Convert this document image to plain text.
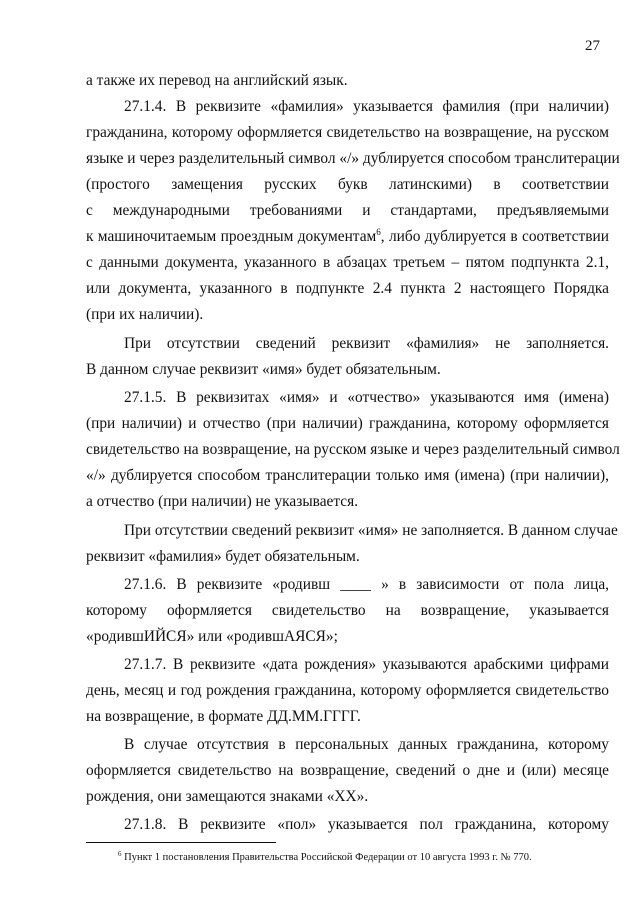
27
а также их перевод на английский язык.
27.1.4. В реквизите «фамилия» указывается фамилия (при наличии)
гражданина, которому оформляется свидетельство на возвращение, на русском
языке и через разделительный символ «/» дублируется способом транслитерации
(простого замещения русских букв латинскими) в соответствии
с международными требованиями и стандартами, предъявляемыми
к машиночитаемым проездным документам$^6$, либо дублируется в соответствии
с данными документа, указанного в абзацах третьем – пятом подпункта 2.1,
или документа, указанного в подпункте 2.4 пункта 2 настоящего Порядка
(при их наличии).
При отсутствии сведений реквизит «фамилия» не заполняется.
В данном случае реквизит «имя» будет обязательным.
27.1.5. В реквизитах «имя» и «отчество» указываются имя (имена)
(при наличии) и отчество (при наличии) гражданина, которому оформляется
свидетельство на возвращение, на русском языке и через разделительный символ
«/» дублируется способом транслитерации только имя (имена) (при наличии),
а отчество (при наличии) не указывается.
При отсутствии сведений реквизит «имя» не заполняется. В данном случае
реквизит «фамилия» будет обязательным.
27.1.6. В реквизите «родивш ____ » в зависимости от пола лица,
которому оформляется свидетельство на возвращение, указывается
«родившИЙСЯ» или «родившАЯСЯ»;
27.1.7. В реквизите «дата рождения» указываются арабскими цифрами
день, месяц и год рождения гражданина, которому оформляется свидетельство
на возвращение, в формате ДД.ММ.ГГГГ.
В случае отсутствия в персональных данных гражданина, которому
оформляется свидетельство на возвращение, сведений о дне и (или) месяце
рождения, они замещаются знаками «XX».
27.1.8. В реквизите «пол» указывается пол гражданина, которому
$^6$ Пункт 1 постановления Правительства Российской Федерации от 10 августа 1993 г. № 770.
